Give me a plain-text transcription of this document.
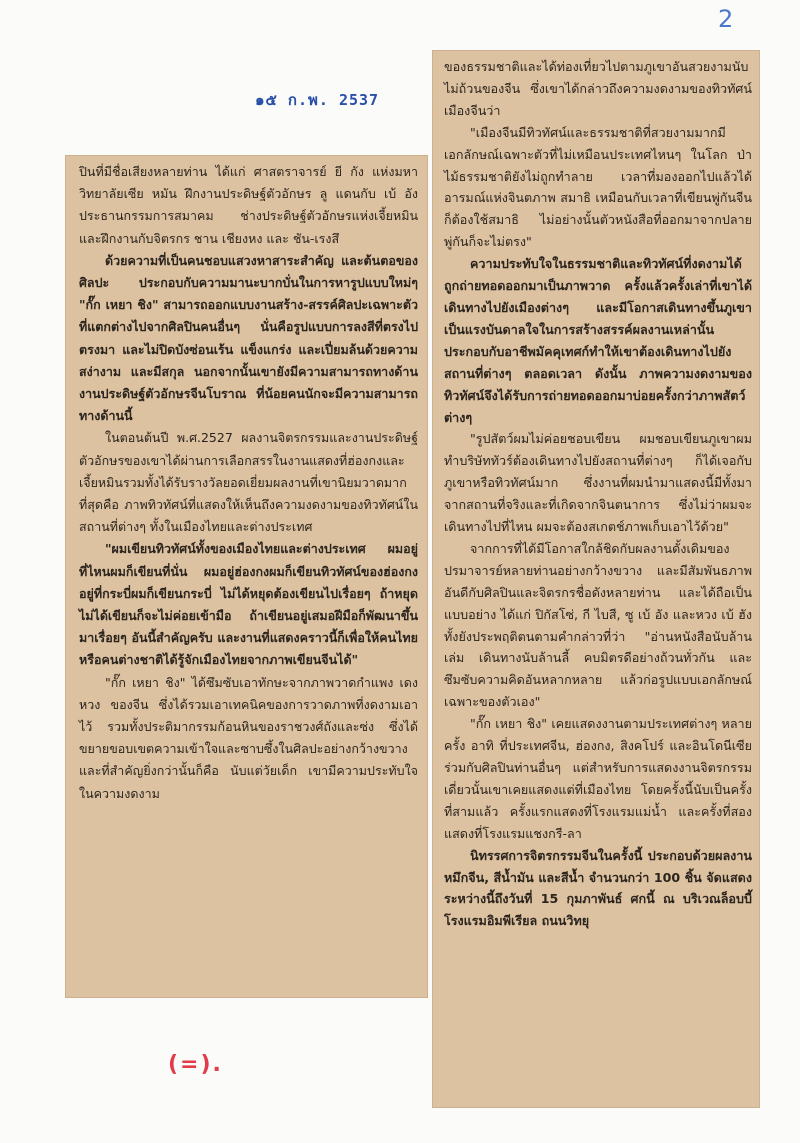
2
๑๕ ก.พ. 2537

ปินที่มีชื่อเสียงหลายท่าน ได้แก่ ศาสตราจารย์ ยี กัง แห่งมหาวิทยาลัยเซีย หมัน ฝึกงานประดิษฐ์ตัวอักษร ลู แดนกับ เบ้ อัง ประธานกรรมการสมาคม ช่างประดิษฐ์ตัวอักษรแห่งเจี้ยหมิน และฝึกงานกับจิตรกร ชาน เชียงหง และ ชัน-เรงสึ

ด้วยความที่เป็นคนชอบแสวงหาสาระสำคัญ และต้นตอของศิลปะ ประกอบกับความมานะบากบั่นในการหารูปแบบใหม่ๆ "กั๊ก เหยา ชิง" สามารถออกแบบงานสร้าง-สรรค์ศิลปะเฉพาะตัวที่แตกต่างไปจากศิลปินคนอื่นๆ นั่นคือรูปแบบการลงสีที่ตรงไปตรงมา และไม่ปิดบังซ่อนเร้น แข็งแกร่ง และเปี่ยมล้นด้วยความสง่างาม และมีสกุล นอกจากนั้นเขายังมีความสามารถทางด้านงานประดิษฐ์ตัวอักษรจีนโบราณ ที่น้อยคนนักจะมีความสามารถทางด้านนี้

ในตอนต้นปี พ.ศ.2527 ผลงานจิตรกรรมและงานประดิษฐ์ตัวอักษรของเขาได้ผ่านการเลือกสรรในงานแสดงที่ฮ่องกงและเจี้ยหมินรวมทั้งได้รับรางวัลยอดเยี่ยมผลงานที่เขานิยมวาดมากที่สุดคือ ภาพทิวทัศน์ที่แสดงให้เห็นถึงความงดงามของทิวทัศน์ในสถานที่ต่างๆ ทั้งในเมืองไทยและต่างประเทศ

"ผมเขียนทิวทัศน์ทั้งของเมืองไทยและต่างประเทศ ผมอยู่ที่ไหนผมก็เขียนที่นั่น ผมอยู่ฮ่องกงผมก็เขียนทิวทัศน์ของฮ่องกง อยู่ที่กระบี่ผมก็เขียนกระบี่ ไม่ได้หยุดต้องเขียนไปเรื่อยๆ ถ้าหยุดไม่ได้เขียนก็จะไม่ค่อยเข้ามือ ถ้าเขียนอยู่เสมอฝีมือก็พัฒนาขึ้นมาเรื่อยๆ อันนี้สำคัญครับ และงานที่แสดงคราวนี้ก็เพื่อให้คนไทยหรือคนต่างชาติได้รู้จักเมืองไทยจากภาพเขียนจีนได้"

"กั๊ก เหยา ชิง" ได้ซึมซับเอาทักษะจากภาพวาดกำแพง เดง หวง ของจีน ซึ่งได้รวมเอาเทคนิคของการวาดภาพที่งดงามเอาไว้ รวมทั้งประติมากรรมก้อนหินของราชวงศ์ถังและซ่ง ซึ่งได้ขยายขอบเขตความเข้าใจและซาบซึ้งในศิลปะอย่างกว้างขวาง และที่สำคัญยิ่งกว่านั้นก็คือ นับแต่วัยเด็ก เขามีความประทับใจในความงดงาม

ของธรรมชาติและได้ท่องเที่ยวไปตามภูเขาอันสวยงามนับไม่ถ้วนของจีน ซึ่งเขาได้กล่าวถึงความงดงามของทิวทัศน์เมืองจีนว่า

"เมืองจีนมีทิวทัศน์และธรรมชาติที่สวยงามมากมีเอกลักษณ์เฉพาะตัวที่ไม่เหมือนประเทศไหนๆ ในโลก ป่าไม้ธรรมชาติยังไม่ถูกทำลาย เวลาที่มองออกไปแล้วได้อารมณ์แห่งจินตภาพ สมาธิ เหมือนกับเวลาที่เขียนพู่กันจีนก็ต้องใช้สมาธิ ไม่อย่างนั้นตัวหนังสือที่ออกมาจากปลายพู่กันก็จะไม่ตรง"

ความประทับใจในธรรมชาติและทิวทัศน์ที่งดงามได้ถูกถ่ายทอดออกมาเป็นภาพวาด ครั้งแล้วครั้งเล่าที่เขาได้เดินทางไปยังเมืองต่างๆ และมีโอกาสเดินทางขึ้นภูเขา เป็นแรงบันดาลใจในการสร้างสรรค์ผลงานเหล่านั้น ประกอบกับอาชีพมัคคุเทศก์ทำให้เขาต้องเดินทางไปยังสถานที่ต่างๆ ตลอดเวลา ดังนั้น ภาพความงดงามของทิวทัศน์จึงได้รับการถ่ายทอดออกมาบ่อยครั้งกว่าภาพสัตว์ต่างๆ

"รูปสัตว์ผมไม่ค่อยชอบเขียน ผมชอบเขียนภูเขาผมทำบริษัททัวร์ต้องเดินทางไปยังสถานที่ต่างๆ ก็ได้เจอกับภูเขาหรือทิวทัศน์มาก ซึ่งงานที่ผมนำมาแสดงนี้มีทั้งมาจากสถานที่จริงและที่เกิดจากจินตนาการ ซึ่งไม่ว่าผมจะเดินทางไปที่ไหน ผมจะต้องสเกตช์ภาพเก็บเอาไว้ด้วย"

จากการที่ได้มีโอกาสใกล้ชิดกับผลงานดั้งเดิมของปรมาจารย์หลายท่านอย่างกว้างขวาง และมีสัมพันธภาพอันดีกับศิลปินและจิตรกรชื่อดังหลายท่าน และได้ถือเป็นแบบอย่าง ได้แก่ ปิกัสโซ่, กี ไบสี, ซู เบ้ อัง และหวง เบ้ ฮัง ทั้งยังประพฤติตนตามคำกล่าวที่ว่า "อ่านหนังสือนับล้านเล่ม เดินทางนับล้านลี้ คบมิตรดีอย่างถ้วนทั่วกัน และซึมซับความคิดอันหลากหลาย แล้วก่อรูปแบบเอกลักษณ์เฉพาะของตัวเอง"

"กั๊ก เหยา ชิง" เคยแสดงงานตามประเทศต่างๆ หลายครั้ง อาทิ ที่ประเทศจีน, ฮ่องกง, สิงคโปร์ และอินโดนีเซีย ร่วมกับศิลปินท่านอื่นๆ แต่สำหรับการแสดงงานจิตรกรรมเดี่ยวนั้นเขาเคยแสดงแต่ที่เมืองไทย โดยครั้งนี้นับเป็นครั้งที่สามแล้ว ครั้งแรกแสดงที่โรงแรมแม่น้ำ และครั้งที่สองแสดงที่โรงแรมแชงกรี-ลา

นิทรรศการจิตรกรรมจีนในครั้งนี้ ประกอบด้วยผลงานหมึกจีน, สีน้ำมัน และสีน้ำ จำนวนกว่า 100 ชิ้น จัดแสดงระหว่างนี้ถึงวันที่ 15 กุมภาพันธ์ ศกนี้ ณ บริเวณล็อบบี้ โรงแรมอิมพีเรียล ถนนวิทยุ

(=).
